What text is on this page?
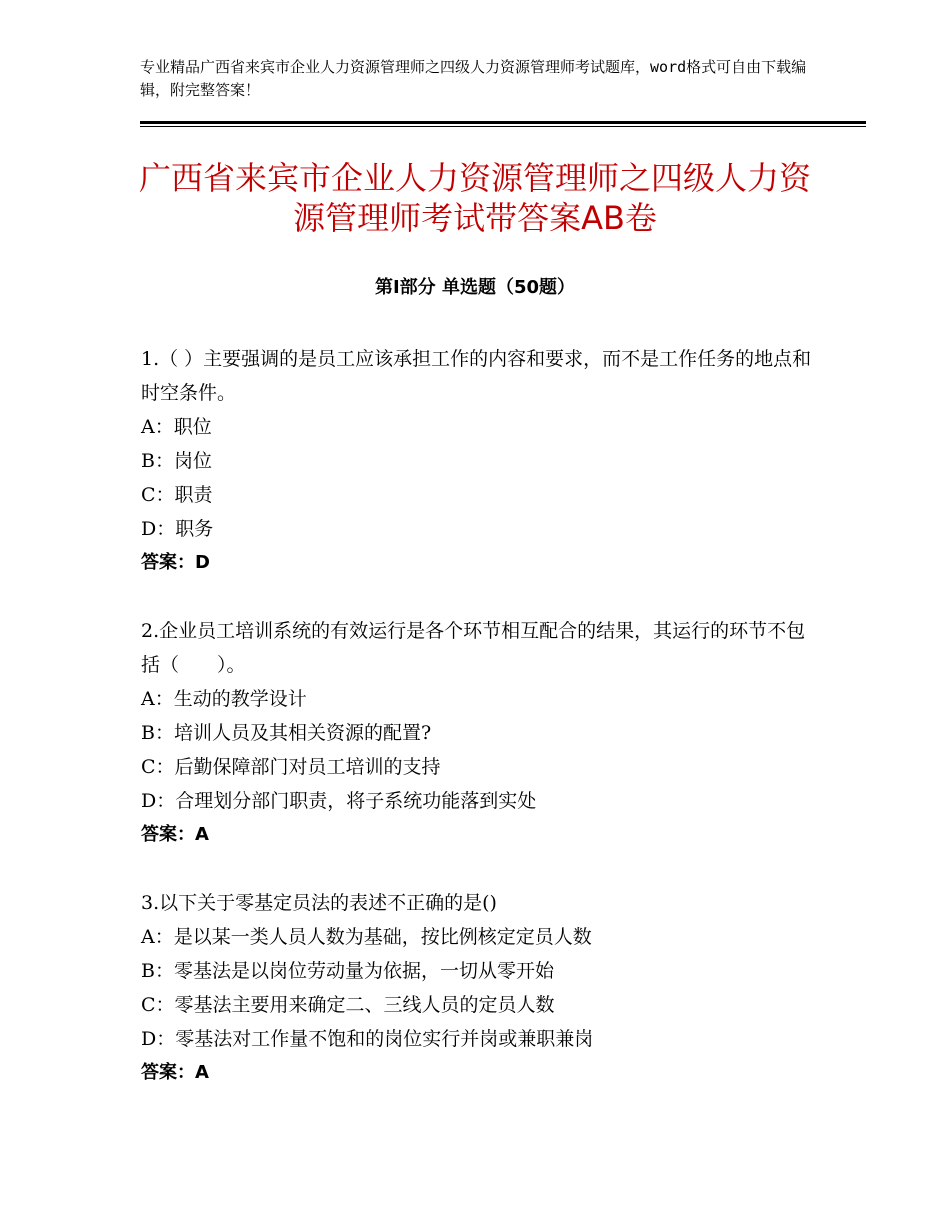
专业精品广西省来宾市企业人力资源管理师之四级人力资源管理师考试题库，word格式可自由下载编辑，附完整答案！
广西省来宾市企业人力资源管理师之四级人力资源管理师考试带答案AB卷
第Ⅰ部分 单选题（50题）

1.（ ）主要强调的是员工应该承担工作的内容和要求，而不是工作任务的地点和时空条件。

A：职位

B：岗位

C：职责

D：职务

答案：D

2.企业员工培训系统的有效运行是各个环节相互配合的结果，其运行的环节不包括（　　）。

A：生动的教学设计

B：培训人员及其相关资源的配置?

C：后勤保障部门对员工培训的支持

D：合理划分部门职责，将子系统功能落到实处

答案：A

3.以下关于零基定员法的表述不正确的是()

A：是以某一类人员人数为基础，按比例核定定员人数

B：零基法是以岗位劳动量为依据，一切从零开始

C：零基法主要用来确定二、三线人员的定员人数

D：零基法对工作量不饱和的岗位实行并岗或兼职兼岗

答案：A
